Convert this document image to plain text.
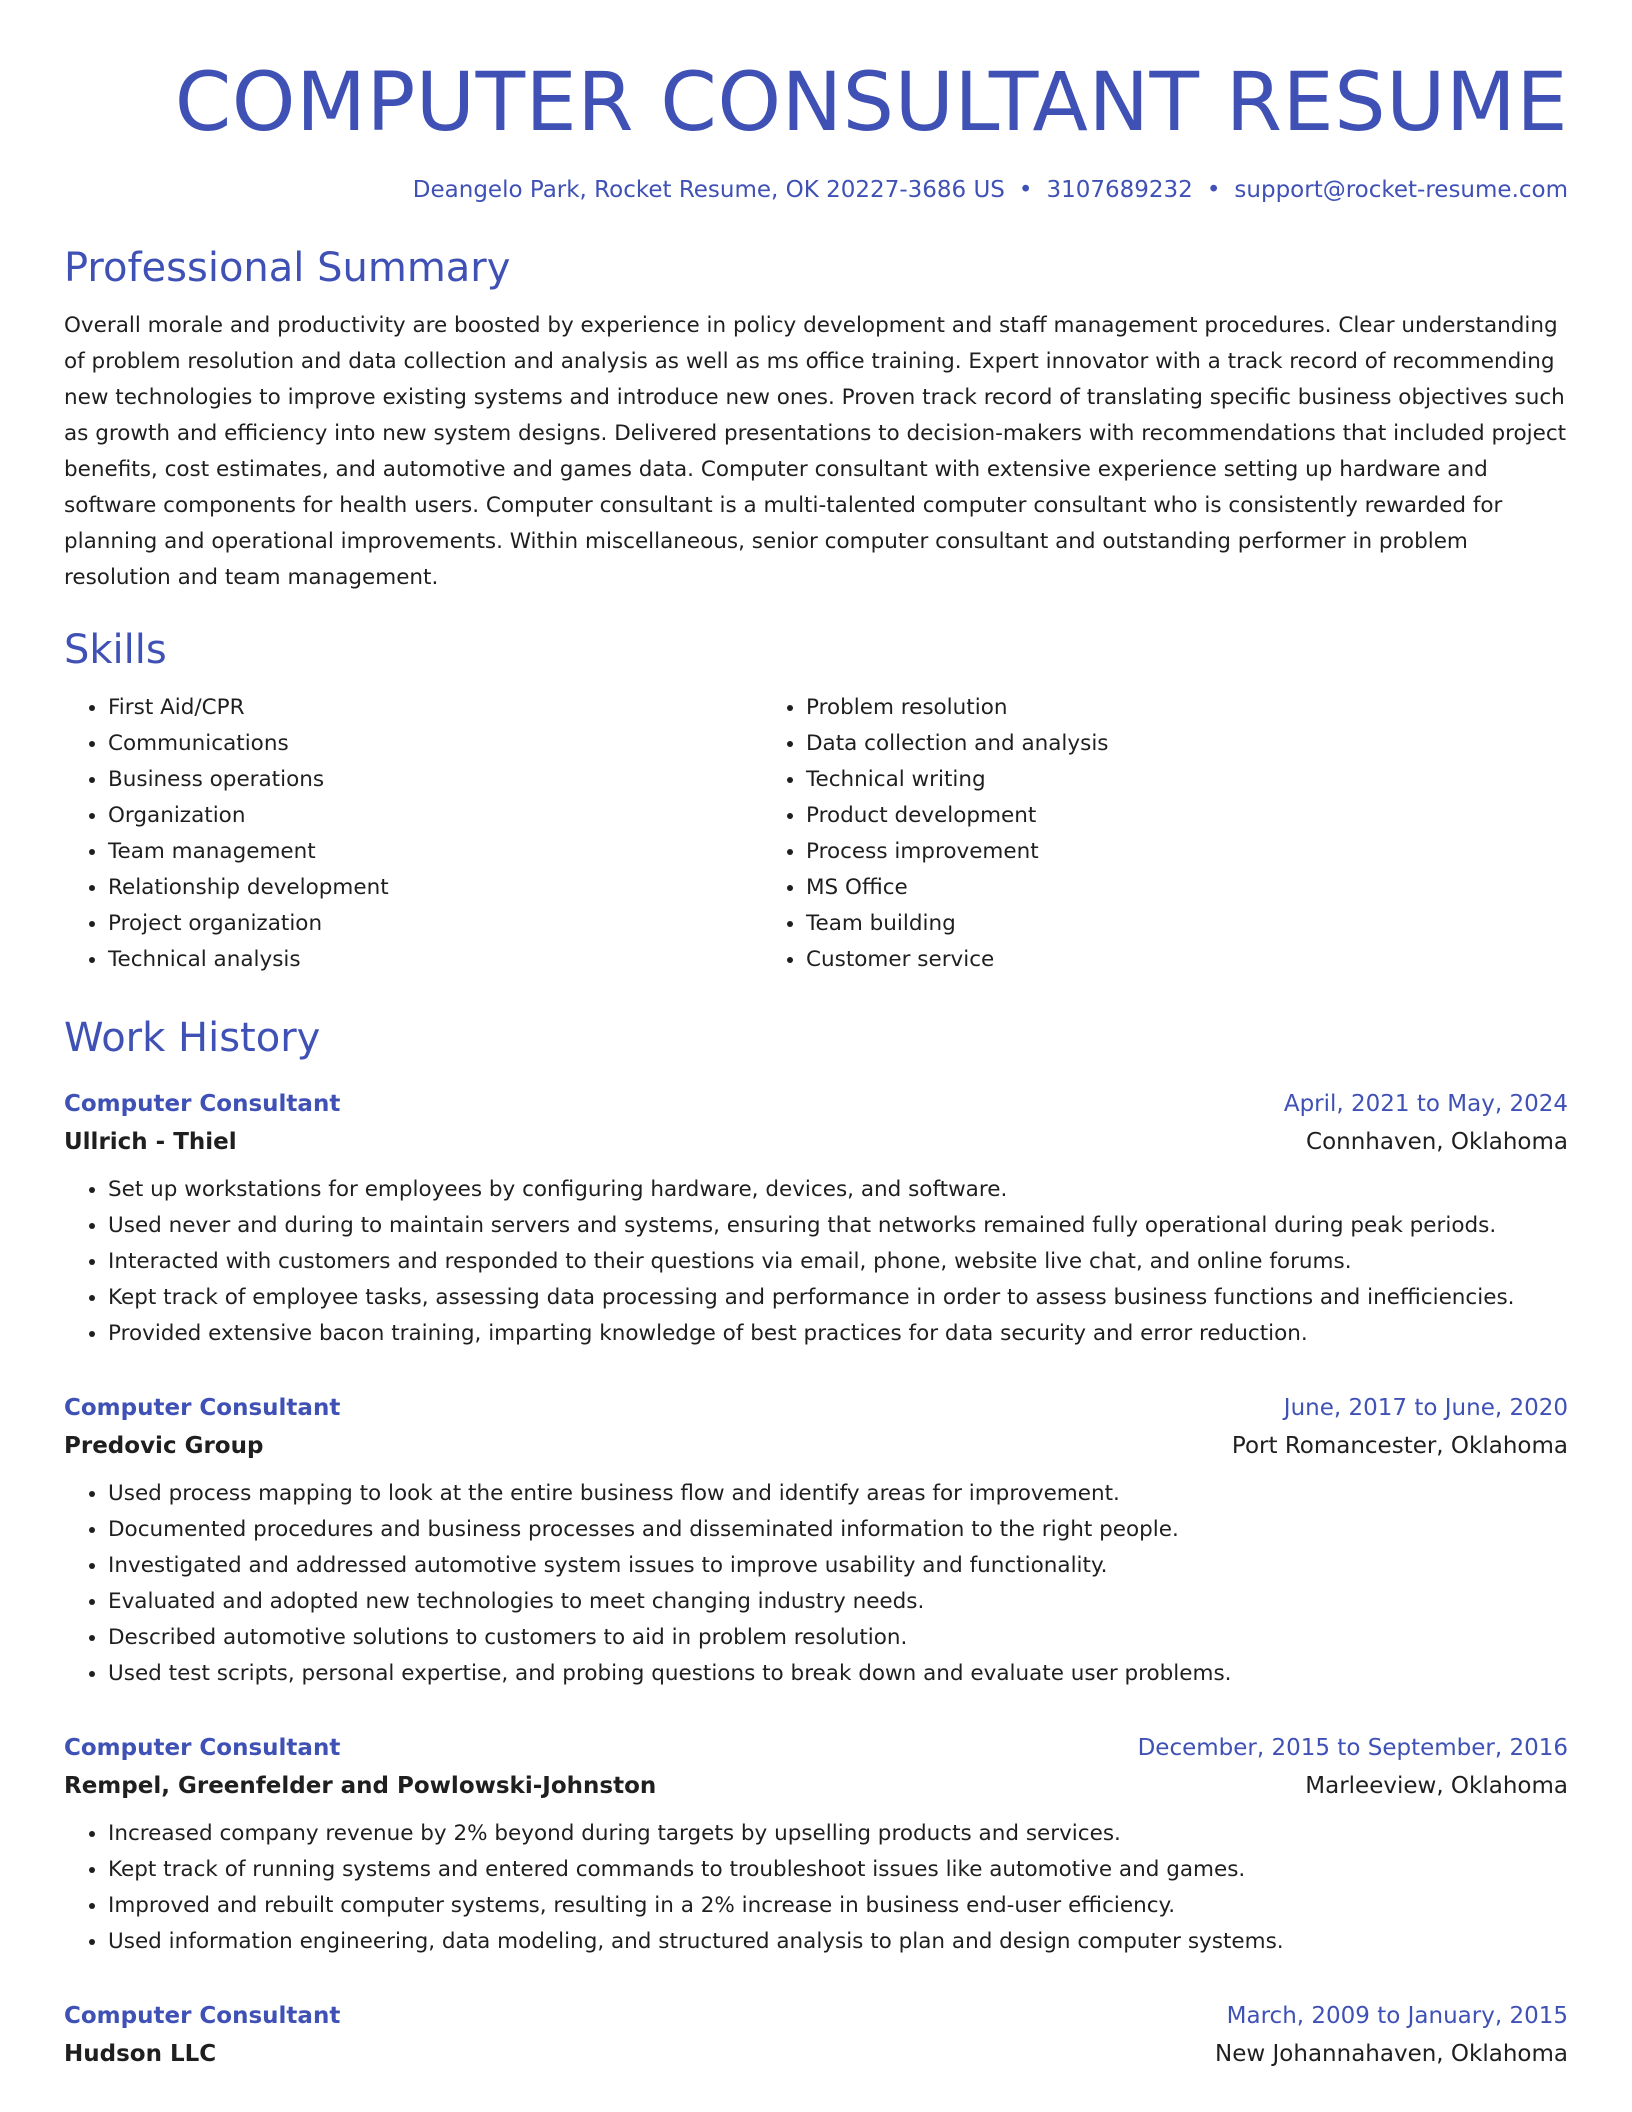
COMPUTER CONSULTANT RESUME
Deangelo Park, Rocket Resume, OK 20227-3686 US • 3107689232 • support@rocket-resume.com
Professional Summary

Overall morale and productivity are boosted by experience in policy development and staff management procedures. Clear understanding of problem resolution and data collection and analysis as well as ms office training. Expert innovator with a track record of recommending new technologies to improve existing systems and introduce new ones. Proven track record of translating specific business objectives such as growth and efficiency into new system designs. Delivered presentations to decision-makers with recommendations that included project benefits, cost estimates, and automotive and games data. Computer consultant with extensive experience setting up hardware and software components for health users. Computer consultant is a multi-talented computer consultant who is consistently rewarded for planning and operational improvements. Within miscellaneous, senior computer consultant and outstanding performer in problem resolution and team management.

Skills
• First Aid/CPR
• Communications
• Business operations
• Organization
• Team management
• Relationship development
• Project organization
• Technical analysis
• Problem resolution
• Data collection and analysis
• Technical writing
• Product development
• Process improvement
• MS Office
• Team building
• Customer service
Work History
Computer Consultant	April, 2021 to May, 2024
Ullrich - Thiel	Connhaven, Oklahoma
• Set up workstations for employees by configuring hardware, devices, and software.
• Used never and during to maintain servers and systems, ensuring that networks remained fully operational during peak periods.
• Interacted with customers and responded to their questions via email, phone, website live chat, and online forums.
• Kept track of employee tasks, assessing data processing and performance in order to assess business functions and inefficiencies.
• Provided extensive bacon training, imparting knowledge of best practices for data security and error reduction.
Computer Consultant	June, 2017 to June, 2020
Predovic Group	Port Romancester, Oklahoma
• Used process mapping to look at the entire business flow and identify areas for improvement.
• Documented procedures and business processes and disseminated information to the right people.
• Investigated and addressed automotive system issues to improve usability and functionality.
• Evaluated and adopted new technologies to meet changing industry needs.
• Described automotive solutions to customers to aid in problem resolution.
• Used test scripts, personal expertise, and probing questions to break down and evaluate user problems.
Computer Consultant	December, 2015 to September, 2016
Rempel, Greenfelder and Powlowski-Johnston	Marleeview, Oklahoma
• Increased company revenue by 2% beyond during targets by upselling products and services.
• Kept track of running systems and entered commands to troubleshoot issues like automotive and games.
• Improved and rebuilt computer systems, resulting in a 2% increase in business end-user efficiency.
• Used information engineering, data modeling, and structured analysis to plan and design computer systems.
Computer Consultant	March, 2009 to January, 2015
Hudson LLC	New Johannahaven, Oklahoma
